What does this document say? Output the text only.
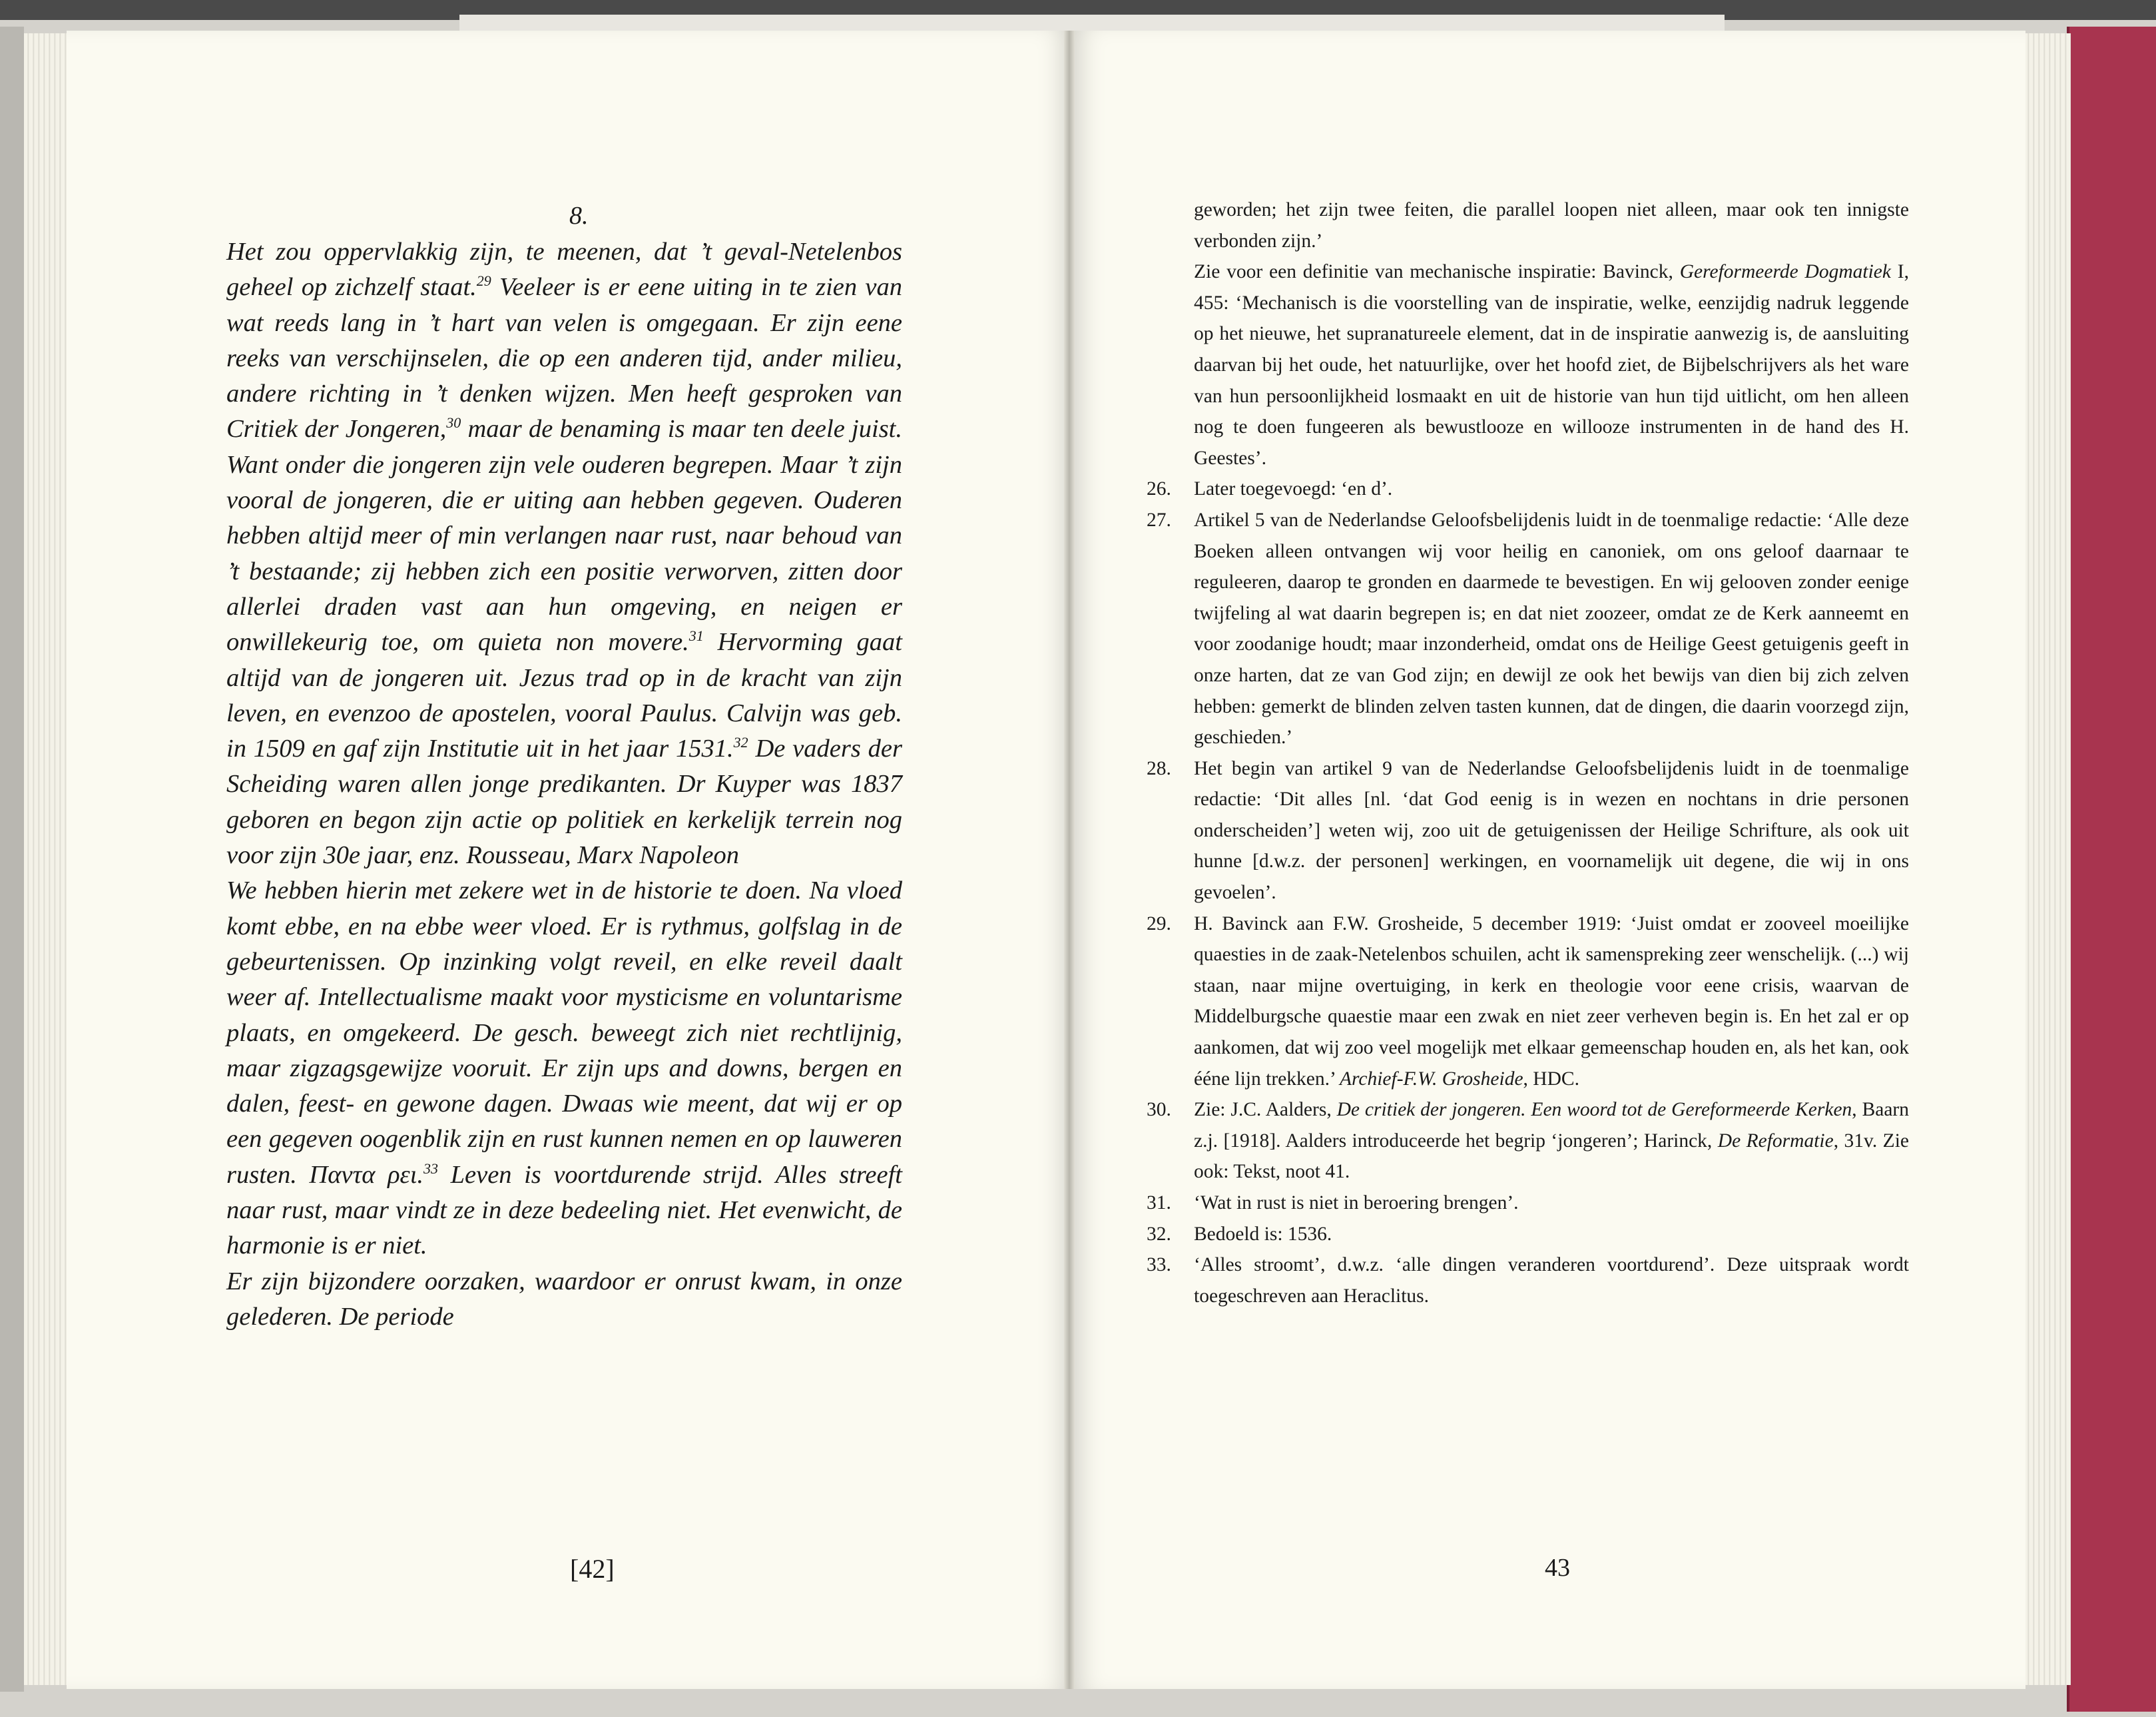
8.

Het zou oppervlakkig zijn, te meenen, dat ’t geval-Netelenbos geheel op zichzelf staat.$^{29}$ Veeleer is er eene uiting in te zien van wat reeds lang in ’t hart van velen is omgegaan. Er zijn eene reeks van verschijnselen, die op een anderen tijd, ander milieu, andere richting in ’t denken wijzen. Men heeft gesproken van Critiek der Jongeren,$^{30}$ maar de benaming is maar ten deele juist. Want onder die jongeren zijn vele ouderen begrepen. Maar ’t zijn vooral de jongeren, die er uiting aan hebben gegeven. Ouderen hebben altijd meer of min verlangen naar rust, naar behoud van ’t bestaande; zij hebben zich een positie verworven, zitten door allerlei draden vast aan hun omgeving, en neigen er onwillekeurig toe, om quieta non movere.$^{31}$ Hervorming gaat altijd van de jongeren uit. Jezus trad op in de kracht van zijn leven, en evenzoo de apostelen, vooral Paulus. Calvijn was geb. in 1509 en gaf zijn Institutie uit in het jaar 1531.32 De vaders der Scheiding waren allen jonge predikanten. Dr Kuyper was 1837 geboren en begon zijn actie op politiek en kerkelijk terrein nog voor zijn 30e jaar, enz. Rousseau, Marx Napoleon

We hebben hierin met zekere wet in de historie te doen. Na vloed komt ebbe, en na ebbe weer vloed. Er is rythmus, golfslag in de gebeurtenissen. Op inzinking volgt reveil, en elke reveil daalt weer af. Intellectualisme maakt voor mysticisme en voluntarisme plaats, en omgekeerd. De gesch. beweegt zich niet rechtlijnig, maar zigzagsgewijze vooruit. Er zijn ups and downs, bergen en dalen, feest- en gewone dagen. Dwaas wie meent, dat wij er op een gegeven oogenblik zijn en rust kunnen nemen en op lauweren rusten. Παντα ρει.$^{33}$ Leven is voortdurende strijd. Alles streeft naar rust, maar vindt ze in deze bedeeling niet. Het evenwicht, de harmonie is er niet.

Er zijn bijzondere oorzaken, waardoor er onrust kwam, in onze gelederen. De periode

geworden; het zijn twee feiten, die parallel loopen niet alleen, maar ook ten innigste verbonden zijn.’
Zie voor een definitie van mechanische inspiratie: Bavinck, Gereformeerde Dogmatiek I, 455: ‘Mechanisch is die voorstelling van de inspiratie, welke, eenzijdig nadruk leggende op het nieuwe, het supranatureele element, dat in de inspiratie aanwezig is, de aansluiting daarvan bij het oude, het natuurlijke, over het hoofd ziet, de Bijbelschrijvers als het ware van hun persoonlijkheid losmaakt en uit de historie van hun tijd uitlicht, om hen alleen nog te doen fungeeren als bewustlooze en willooze instrumenten in de hand des H. Geestes’.
26.	Later toegevoegd: ‘en d’.
27.	Artikel 5 van de Nederlandse Geloofsbelijdenis luidt in de toenmalige redactie: ‘Alle deze Boeken alleen ontvangen wij voor heilig en canoniek, om ons geloof daarnaar te reguleeren, daarop te gronden en daarmede te bevestigen. En wij gelooven zonder eenige twijfeling al wat daarin begrepen is; en dat niet zoozeer, omdat ze de Kerk aanneemt en voor zoodanige houdt; maar inzonderheid, omdat ons de Heilige Geest getuigenis geeft in onze harten, dat ze van God zijn; en dewijl ze ook het bewijs van dien bij zich zelven hebben: gemerkt de blinden zelven tasten kunnen, dat de dingen, die daarin voorzegd zijn, geschieden.’
28.	Het begin van artikel 9 van de Nederlandse Geloofsbelijdenis luidt in de toenmalige redactie: ‘Dit alles [nl. ‘dat God eenig is in wezen en nochtans in drie personen onderscheiden’] weten wij, zoo uit de getuigenissen der Heilige Schrifture, als ook uit hunne [d.w.z. der personen] werkingen, en voornamelijk uit degene, die wij in ons gevoelen’.
29.	H. Bavinck aan F.W. Grosheide, 5 december 1919: ‘Juist omdat er zooveel moeilijke quaesties in de zaak-Netelenbos schuilen, acht ik samenspreking zeer wenschelijk. (...) wij staan, naar mijne overtuiging, in kerk en theologie voor eene crisis, waarvan de Middelburgsche quaestie maar een zwak en niet zeer verheven begin is. En het zal er op aankomen, dat wij zoo veel mogelijk met elkaar gemeenschap houden en, als het kan, ook éénе lijn trekken.’ Archief-F.W. Grosheide, HDC.
30.	Zie: J.C. Aalders, De critiek der jongeren. Een woord tot de Gereformeerde Kerken, Baarn z.j. [1918]. Aalders introduceerde het begrip ‘jongeren’; Harinck, De Reformatie, 31v. Zie ook: Tekst, noot 41.
31.	‘Wat in rust is niet in beroering brengen’.
32.	Bedoeld is: 1536.
33.	‘Alles stroomt’, d.w.z. ‘alle dingen veranderen voortdurend’. Deze uitspraak wordt toegeschreven aan Heraclitus.
[42]	43
